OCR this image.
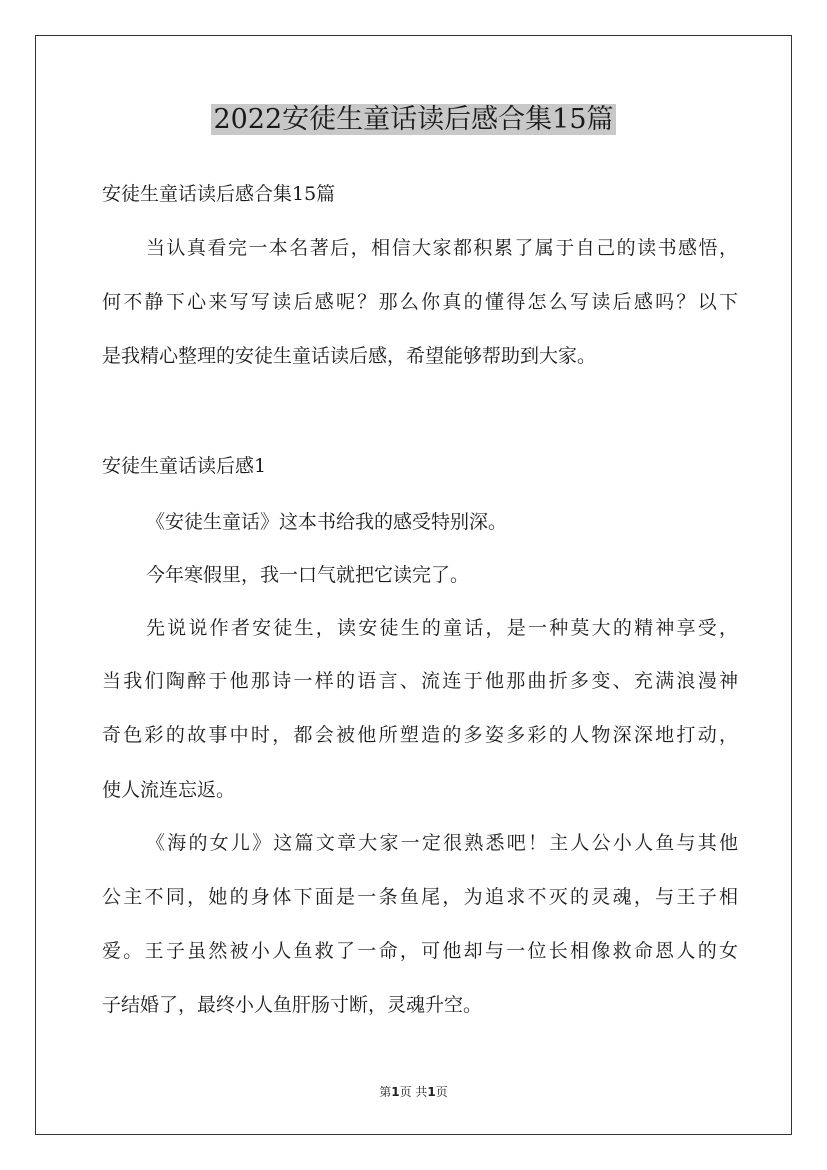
2022安徒生童话读后感合集15篇

安徒生童话读后感合集15篇

当认真看完一本名著后，相信大家都积累了属于自己的读书感悟，

何不静下心来写写读后感呢？那么你真的懂得怎么写读后感吗？以下

是我精心整理的安徒生童话读后感，希望能够帮助到大家。

安徒生童话读后感1

《安徒生童话》这本书给我的感受特别深。

今年寒假里，我一口气就把它读完了。

先说说作者安徒生，读安徒生的童话，是一种莫大的精神享受，

当我们陶醉于他那诗一样的语言、流连于他那曲折多变、充满浪漫神

奇色彩的故事中时，都会被他所塑造的多姿多彩的人物深深地打动，

使人流连忘返。

《海的女儿》这篇文章大家一定很熟悉吧！主人公小人鱼与其他

公主不同，她的身体下面是一条鱼尾，为追求不灭的灵魂，与王子相

爱。王子虽然被小人鱼救了一命，可他却与一位长相像救命恩人的女

子结婚了，最终小人鱼肝肠寸断，灵魂升空。

第1页 共1页
